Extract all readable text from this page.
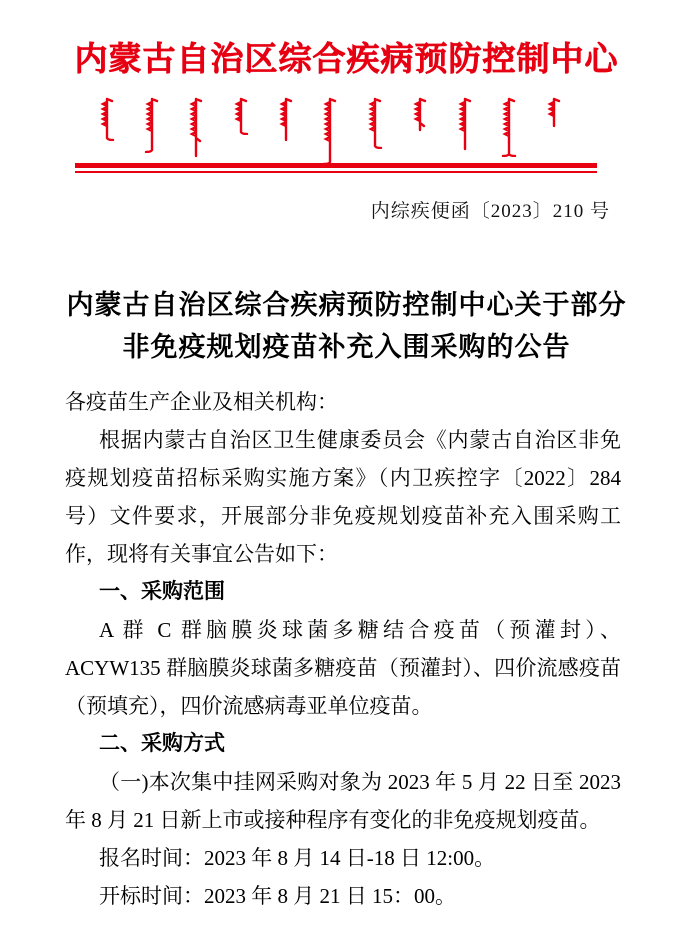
内蒙古自治区综合疾病预防控制中心
内综疾便函〔2023〕210 号
内蒙古自治区综合疾病预防控制中心关于部分
非免疫规划疫苗补充入围采购的公告

各疫苗生产企业及相关机构：

根据内蒙古自治区卫生健康委员会《内蒙古自治区非免疫规划疫苗招标采购实施方案》（内卫疾控字〔2022〕284 号）文件要求，开展部分非免疫规划疫苗补充入围采购工作，现将有关事宜公告如下：

一、采购范围

A 群 C 群脑膜炎球菌多糖结合疫苗（预灌封）、ACYW135 群脑膜炎球菌多糖疫苗（预灌封）、四价流感疫苗（预填充），四价流感病毒亚单位疫苗。

二、采购方式

（一)本次集中挂网采购对象为 2023 年 5 月 22 日至 2023 年 8 月 21 日新上市或接种程序有变化的非免疫规划疫苗。

报名时间：2023 年 8 月 14 日-18 日 12:00。

开标时间：2023 年 8 月 21 日 15：00。
